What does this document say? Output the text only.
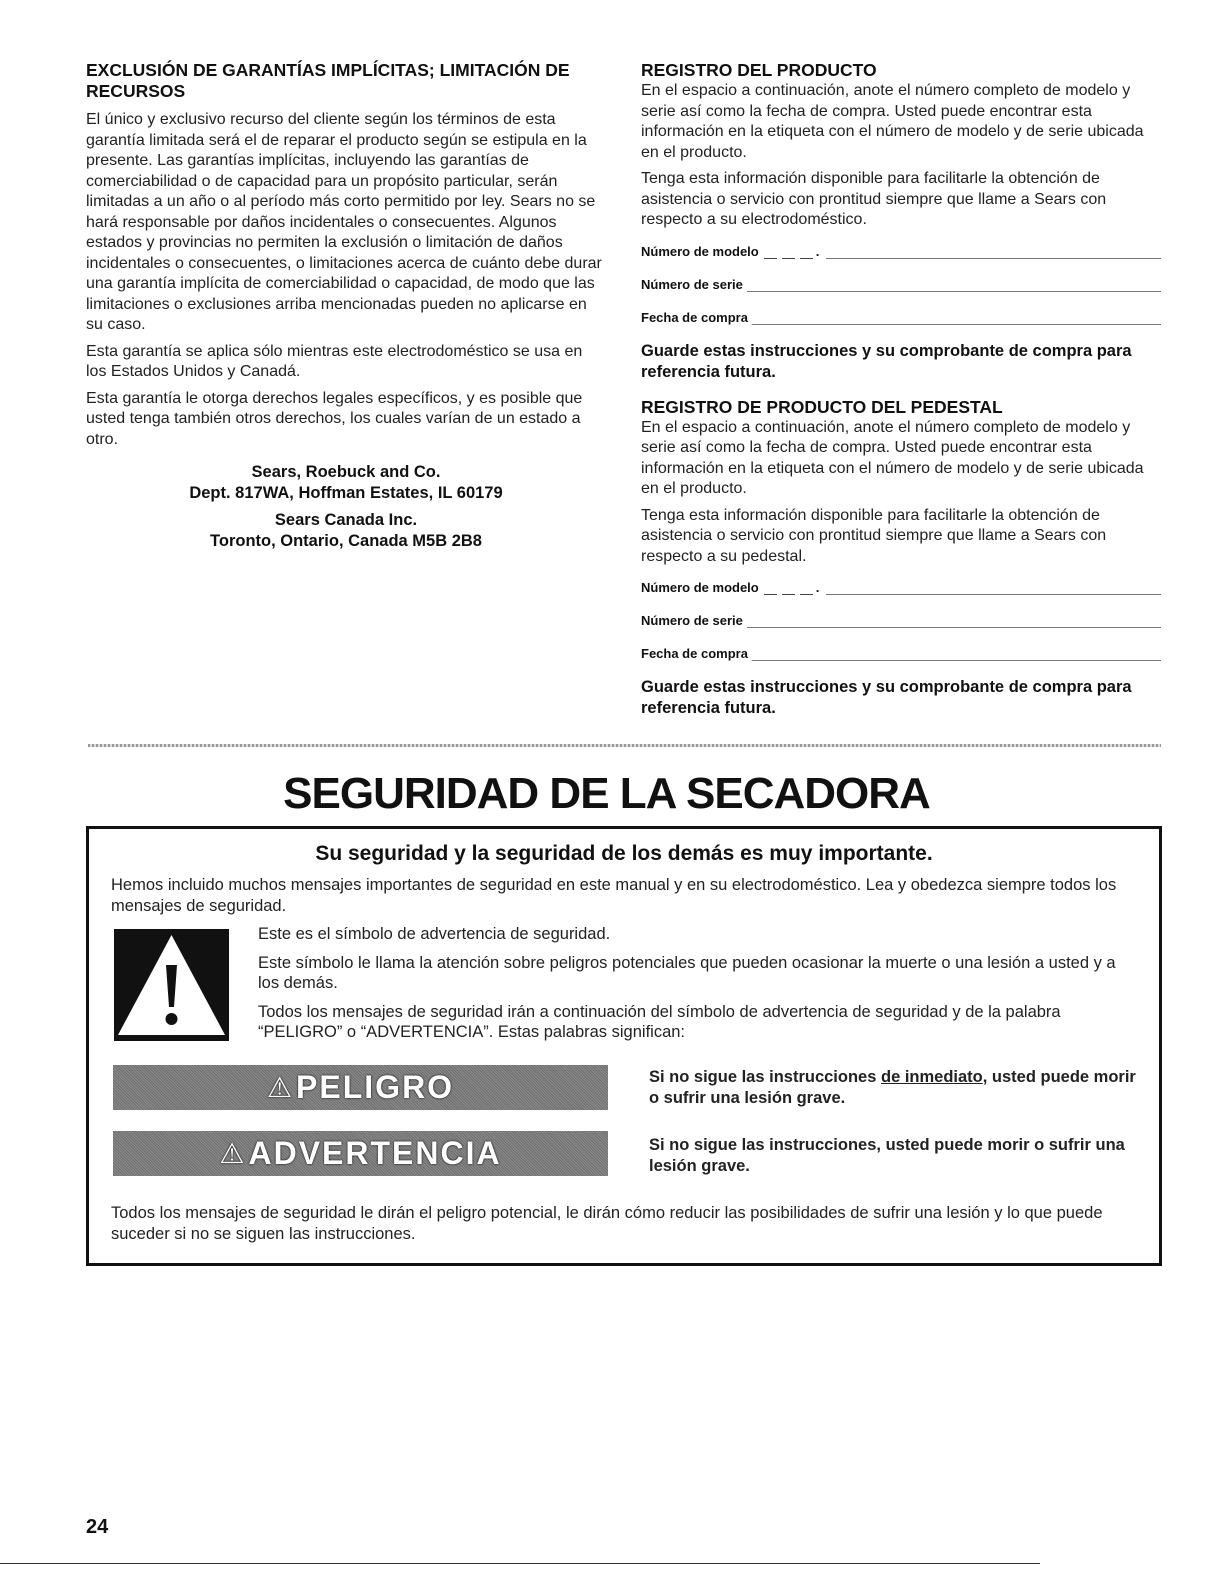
EXCLUSIÓN DE GARANTÍAS IMPLÍCITAS; LIMITACIÓN DE RECURSOS

El único y exclusivo recurso del cliente según los términos de esta garantía limitada será el de reparar el producto según se estipula en la presente. Las garantías implícitas, incluyendo las garantías de comerciabilidad o de capacidad para un propósito particular, serán limitadas a un año o al período más corto permitido por ley. Sears no se hará responsable por daños incidentales o consecuentes. Algunos estados y provincias no permiten la exclusión o limitación de daños incidentales o consecuentes, o limitaciones acerca de cuánto debe durar una garantía implícita de comerciabilidad o capacidad, de modo que las limitaciones o exclusiones arriba mencionadas pueden no aplicarse en su caso.

Esta garantía se aplica sólo mientras este electrodoméstico se usa en los Estados Unidos y Canadá.

Esta garantía le otorga derechos legales específicos, y es posible que usted tenga también otros derechos, los cuales varían de un estado a otro.

Sears, Roebuck and Co.

Dept. 817WA, Hoffman Estates, IL 60179

Sears Canada Inc.

Toronto, Ontario, Canada M5B 2B8

REGISTRO DEL PRODUCTO

En el espacio a continuación, anote el número completo de modelo y serie así como la fecha de compra. Usted puede encontrar esta información en la etiqueta con el número de modelo y de serie ubicada en el producto.

Tenga esta información disponible para facilitarle la obtención de asistencia o servicio con prontitud siempre que llame a Sears con respecto a su electrodoméstico.

Número de modelo	.
Número de serie
Fecha de compra

Guarde estas instrucciones y su comprobante de compra para referencia futura.

REGISTRO DE PRODUCTO DEL PEDESTAL

En el espacio a continuación, anote el número completo de modelo y serie así como la fecha de compra. Usted puede encontrar esta información en la etiqueta con el número de modelo y de serie ubicada en el producto.

Tenga esta información disponible para facilitarle la obtención de asistencia o servicio con prontitud siempre que llame a Sears con respecto a su pedestal.

Número de modelo	.
Número de serie
Fecha de compra

Guarde estas instrucciones y su comprobante de compra para referencia futura.

SEGURIDAD DE LA SECADORA
Su seguridad y la seguridad de los demás es muy importante.

Hemos incluido muchos mensajes importantes de seguridad en este manual y en su electrodoméstico. Lea y obedezca siempre todos los mensajes de seguridad.

Este es el símbolo de advertencia de seguridad.

Este símbolo le llama la atención sobre peligros potenciales que pueden ocasionar la muerte o una lesión a usted y a los demás.

Todos los mensajes de seguridad irán a continuación del símbolo de advertencia de seguridad y de la palabra “PELIGRO” o “ADVERTENCIA”. Estas palabras significan:

⚠ PELIGRO	Si no sigue las instrucciones de inmediato, usted puede morir o sufrir una lesión grave.

⚠ ADVERTENCIA	Si no sigue las instrucciones, usted puede morir o sufrir una lesión grave.

Todos los mensajes de seguridad le dirán el peligro potencial, le dirán cómo reducir las posibilidades de sufrir una lesión y lo que puede suceder si no se siguen las instrucciones.

24
